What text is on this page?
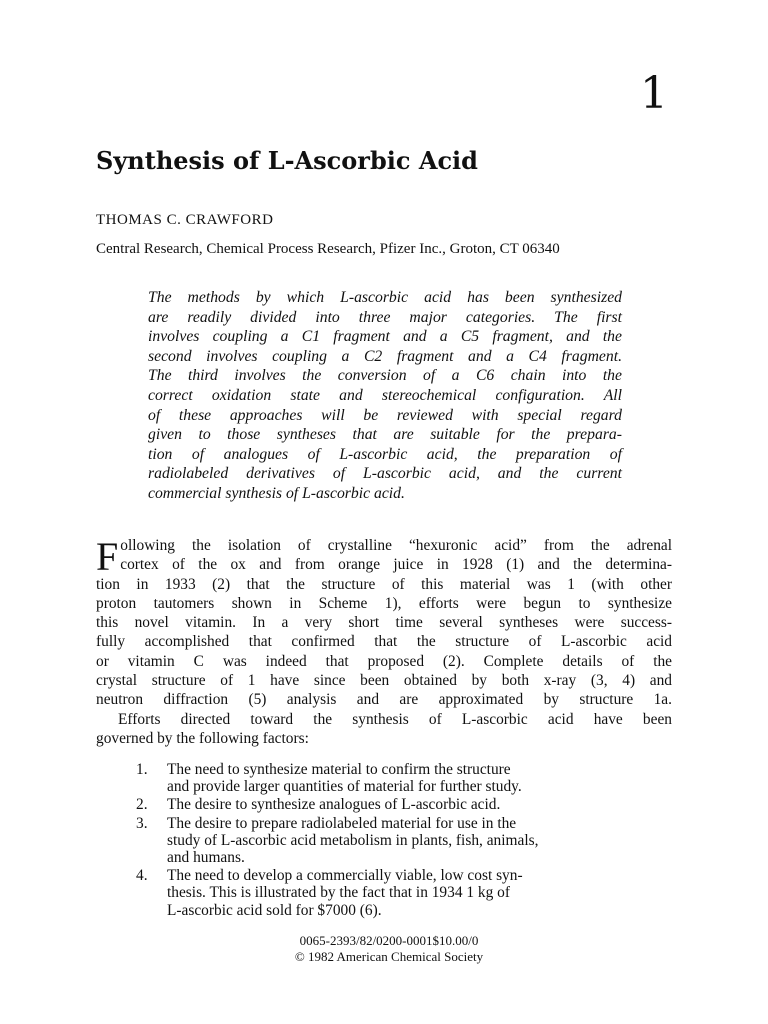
1
Synthesis of L-Ascorbic Acid
THOMAS C. CRAWFORD
Central Research, Chemical Process Research, Pfizer Inc., Groton, CT 06340
The methods by which L-ascorbic acid has been synthesized
are readily divided into three major categories. The first
involves coupling a C1 fragment and a C5 fragment, and the
second involves coupling a C2 fragment and a C4 fragment.
The third involves the conversion of a C6 chain into the
correct oxidation state and stereochemical configuration. All
of these approaches will be reviewed with special regard
given to those syntheses that are suitable for the prepara-
tion of analogues of L-ascorbic acid, the preparation of
radiolabeled derivatives of L-ascorbic acid, and the current
commercial synthesis of L-ascorbic acid.
F ollowing the isolation of crystalline “hexuronic acid” from the adrenal
cortex of the ox and from orange juice in 1928 (1) and the determina-
tion in 1933 (2) that the structure of this material was 1 (with other
proton tautomers shown in Scheme 1), efforts were begun to synthesize
this novel vitamin. In a very short time several syntheses were success-
fully accomplished that confirmed that the structure of L-ascorbic acid
or vitamin C was indeed that proposed (2). Complete details of the
crystal structure of 1 have since been obtained by both x-ray (3, 4) and
neutron diffraction (5) analysis and are approximated by structure 1a.
Efforts directed toward the synthesis of L-ascorbic acid have been
governed by the following factors:
1. The need to synthesize material to confirm the structure
and provide larger quantities of material for further study.
2. The desire to synthesize analogues of L-ascorbic acid.
3. The desire to prepare radiolabeled material for use in the
study of L-ascorbic acid metabolism in plants, fish, animals,
and humans.
4. The need to develop a commercially viable, low cost syn-
thesis. This is illustrated by the fact that in 1934 1 kg of
L-ascorbic acid sold for $7000 (6).
0065-2393/82/0200-0001$10.00/0
© 1982 American Chemical Society
